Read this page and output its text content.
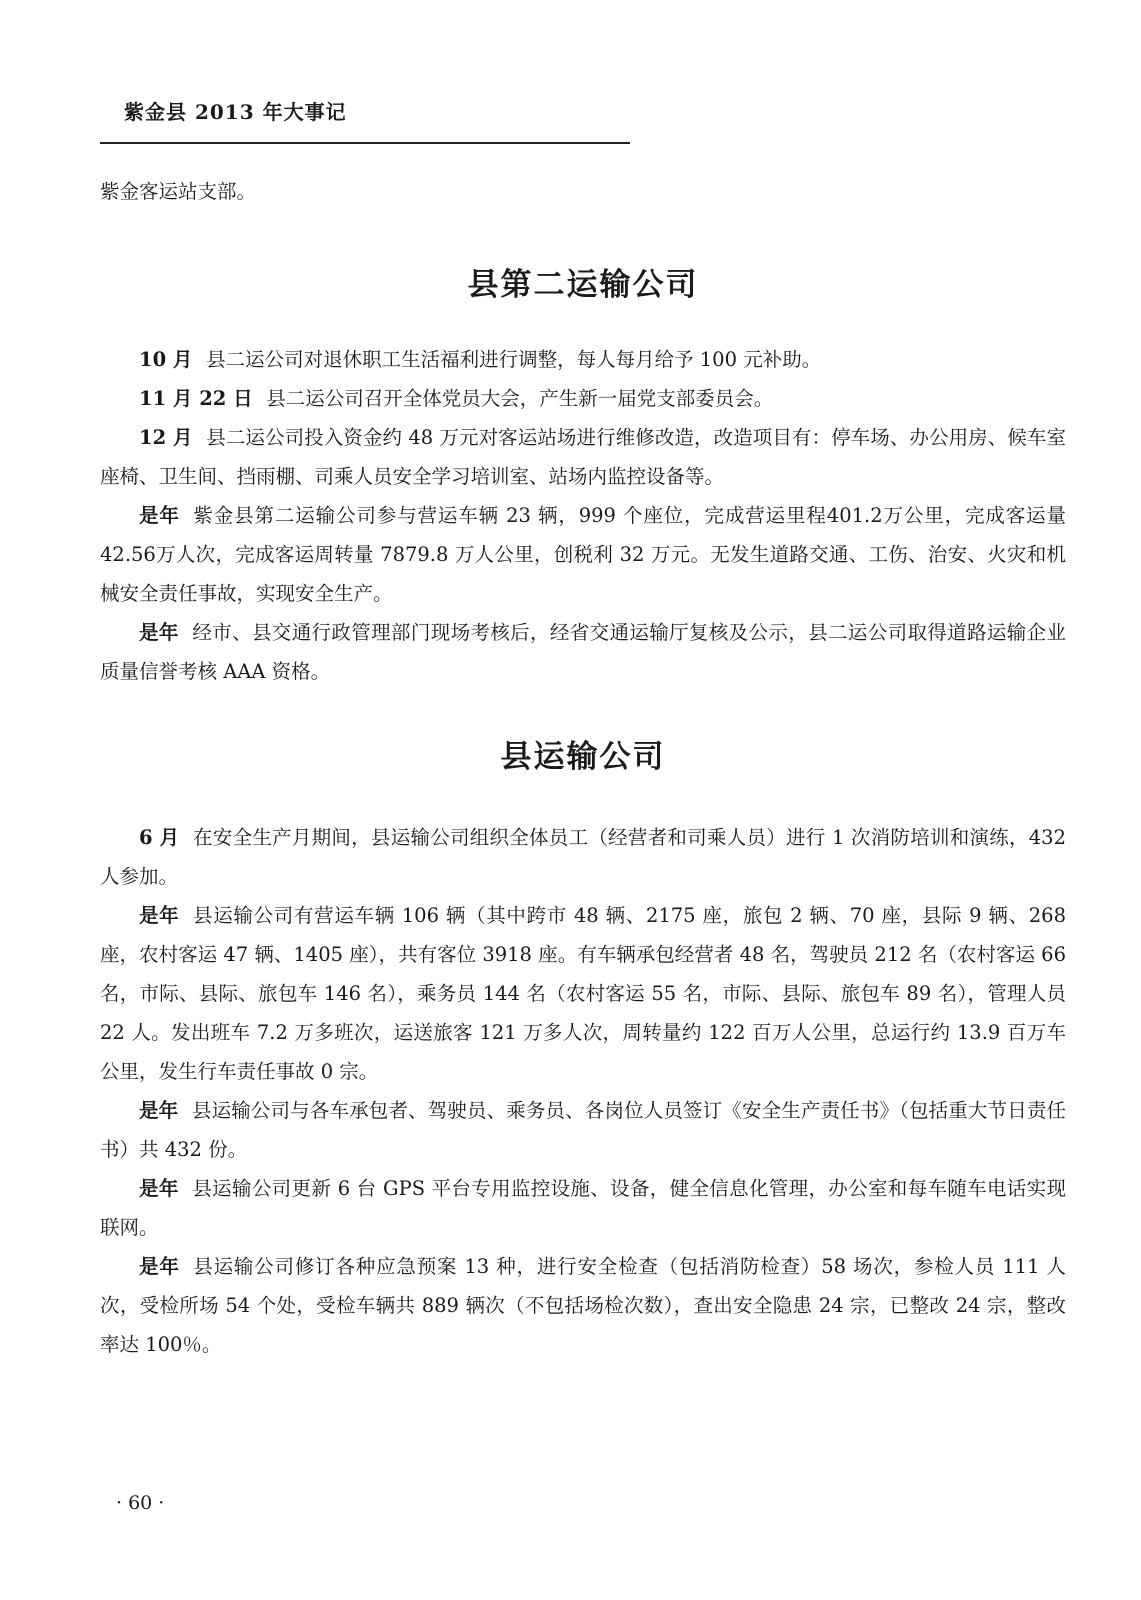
紫金县 2013 年大事记

紫金客运站支部。

县第二运输公司

10 月 县二运公司对退休职工生活福利进行调整，每人每月给予 100 元补助。

11 月 22 日 县二运公司召开全体党员大会，产生新一届党支部委员会。

12 月 县二运公司投入资金约 48 万元对客运站场进行维修改造，改造项目有：停车场、办公用房、候车室座椅、卫生间、挡雨棚、司乘人员安全学习培训室、站场内监控设备等。

是年 紫金县第二运输公司参与营运车辆 23 辆，999 个座位，完成营运里程401.2万公里，完成客运量42.56万人次，完成客运周转量 7879.8 万人公里，创税利 32 万元。无发生道路交通、工伤、治安、火灾和机械安全责任事故，实现安全生产。

是年 经市、县交通行政管理部门现场考核后，经省交通运输厅复核及公示，县二运公司取得道路运输企业质量信誉考核 AAA 资格。

县运输公司

6 月 在安全生产月期间，县运输公司组织全体员工（经营者和司乘人员）进行 1 次消防培训和演练，432 人参加。

是年 县运输公司有营运车辆 106 辆（其中跨市 48 辆、2175 座，旅包 2 辆、70 座，县际 9 辆、268 座，农村客运 47 辆、1405 座），共有客位 3918 座。有车辆承包经营者 48 名，驾驶员 212 名（农村客运 66 名，市际、县际、旅包车 146 名），乘务员 144 名（农村客运 55 名，市际、县际、旅包车 89 名），管理人员 22 人。发出班车 7.2 万多班次，运送旅客 121 万多人次，周转量约 122 百万人公里，总运行约 13.9 百万车公里，发生行车责任事故 0 宗。

是年 县运输公司与各车承包者、驾驶员、乘务员、各岗位人员签订《安全生产责任书》（包括重大节日责任书）共 432 份。

是年 县运输公司更新 6 台 GPS 平台专用监控设施、设备，健全信息化管理，办公室和每车随车电话实现联网。

是年 县运输公司修订各种应急预案 13 种，进行安全检查（包括消防检查）58 场次，参检人员 111 人次，受检所场 54 个处，受检车辆共 889 辆次（不包括场检次数），查出安全隐患 24 宗，已整改 24 宗，整改率达 100％。

· 60 ·
